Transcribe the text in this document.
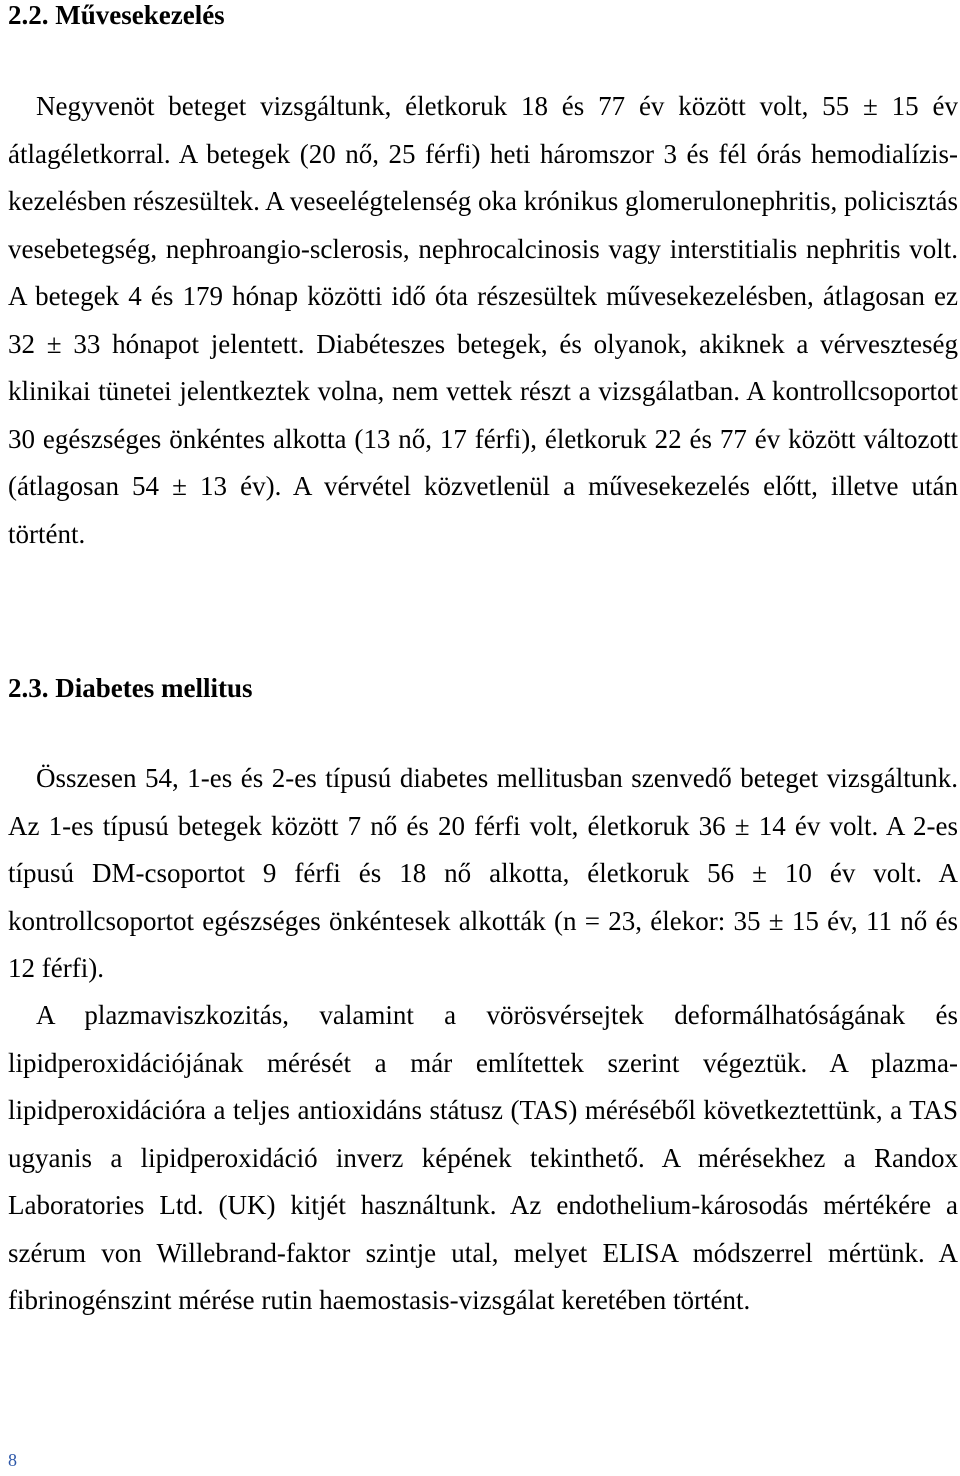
2.2. Művesekezelés

Negyvenöt beteget vizsgáltunk, életkoruk 18 és 77 év között volt, 55 ± 15 év átlagéletkorral. A betegek (20 nő, 25 férfi) heti háromszor 3 és fél órás hemodialízis-kezelésben részesültek. A veseelégtelenség oka krónikus glomerulonephritis, policisztás vesebetegség, nephroangio-sclerosis, nephrocalcinosis vagy interstitialis nephritis volt. A betegek 4 és 179 hónap közötti idő óta részesültek művesekezelésben, átlagosan ez 32 ± 33 hónapot jelentett. Diabéteszes betegek, és olyanok, akiknek a vérveszteség klinikai tünetei jelentkeztek volna, nem vettek részt a vizsgálatban. A kontrollcsoportot 30 egészséges önkéntes alkotta (13 nő, 17 férfi), életkoruk 22 és 77 év között változott (átlagosan 54 ± 13 év). A vérvétel közvetlenül a művesekezelés előtt, illetve után történt.

2.3. Diabetes mellitus

Összesen 54, 1-es és 2-es típusú diabetes mellitusban szenvedő beteget vizsgáltunk. Az 1-es típusú betegek között 7 nő és 20 férfi volt, életkoruk 36 ± 14 év volt. A 2-es típusú DM-csoportot 9 férfi és 18 nő alkotta, életkoruk 56 ± 10 év volt. A kontrollcsoportot egészséges önkéntesek alkották (n = 23, élekor: 35 ± 15 év, 11 nő és 12 férfi).

A plazmaviszkozitás, valamint a vörösvérsejtek deformálhatóságának és lipidperoxidációjának mérését a már említettek szerint végeztük. A plazma-lipidperoxidációra a teljes antioxidáns státusz (TAS) méréséből következtettünk, a TAS ugyanis a lipidperoxidáció inverz képének tekinthető. A mérésekhez a Randox Laboratories Ltd. (UK) kitjét használtunk. Az endothelium-károsodás mértékére a szérum von Willebrand-faktor szintje utal, melyet ELISA módszerrel mértünk. A fibrinogénszint mérése rutin haemostasis-vizsgálat keretében történt.

8
